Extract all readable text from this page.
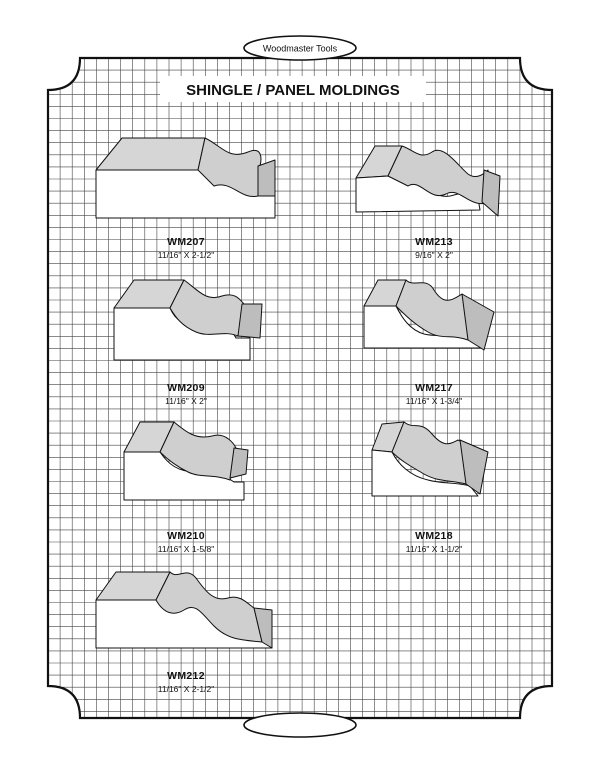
Woodmaster Tools
SHINGLE / PANEL MOLDINGS
WM207
11/16" X 2-1/2"
WM213
9/16" X 2"
WM209
11/16" X 2"
WM217
11/16" X 1-3/4"
WM210
11/16" X 1-5/8"
WM218
11/16" X 1-1/2"
WM212
11/16" X 2-1/2"
